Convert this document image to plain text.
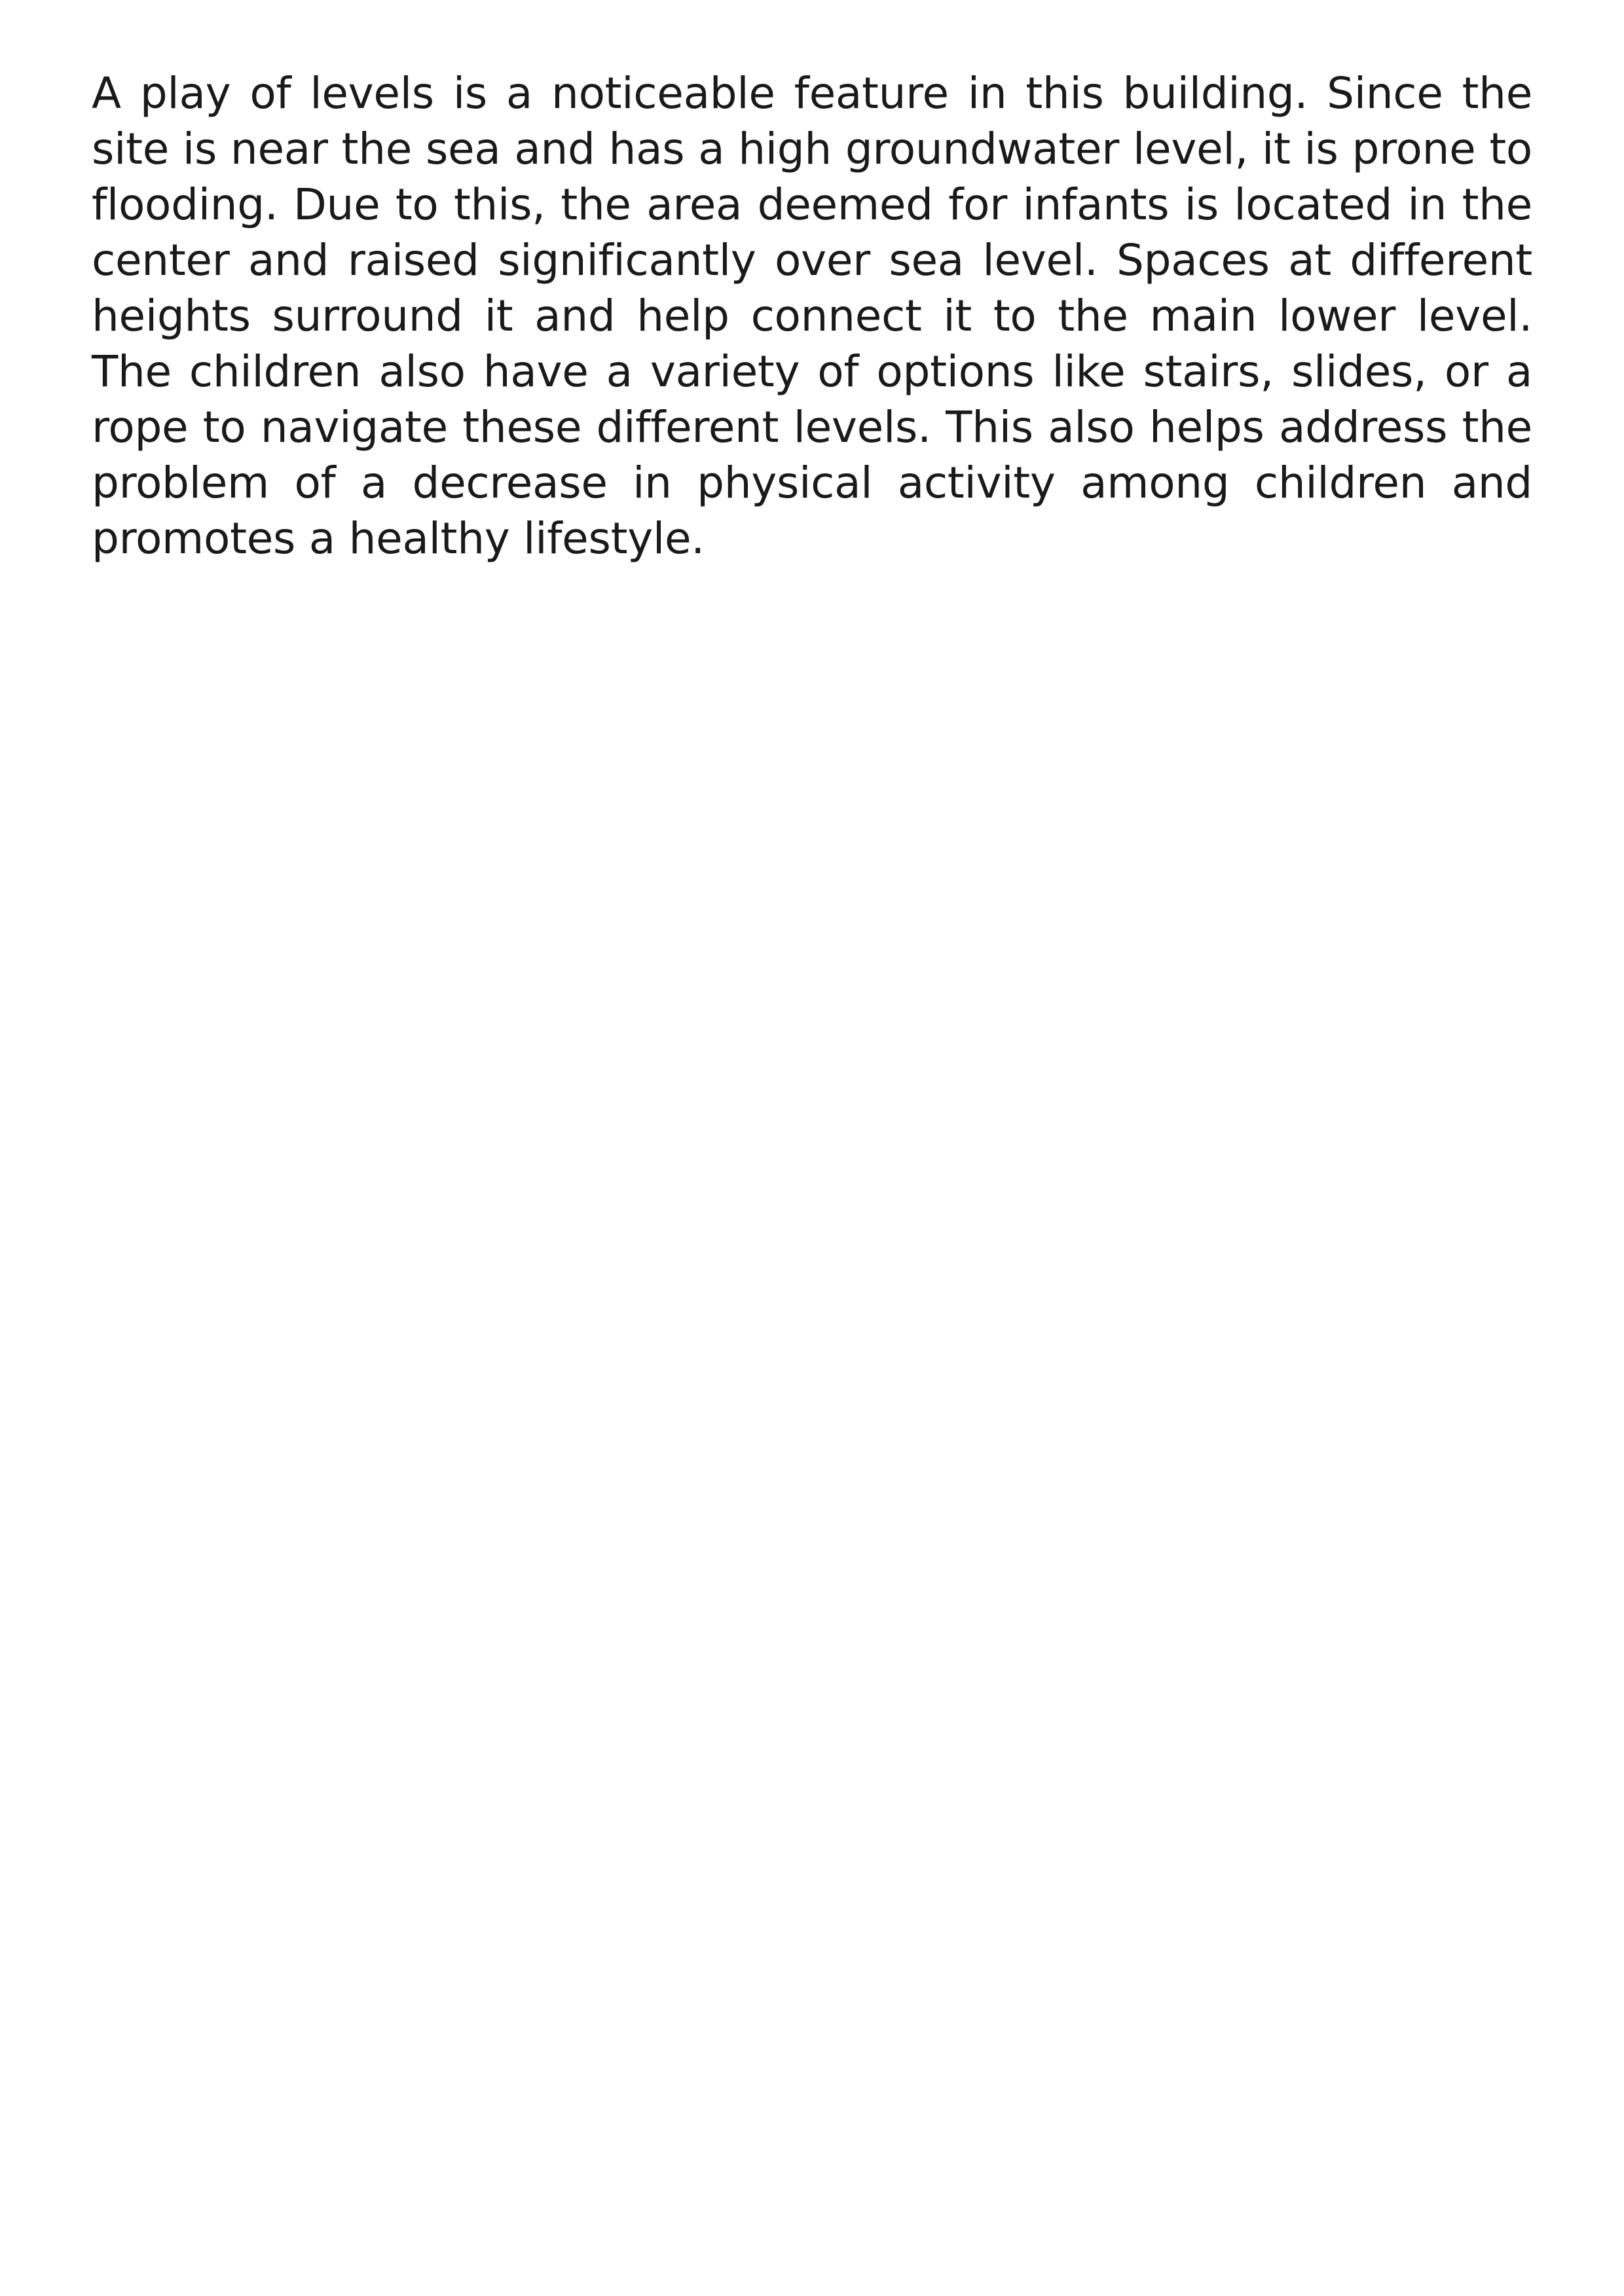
A play of levels is a noticeable feature in this building. Since the site is near the sea and has a high groundwater level, it is prone to flooding. Due to this, the area deemed for infants is located in the center and raised significantly over sea level. Spaces at different heights surround it and help connect it to the main lower level. The children also have a variety of options like stairs, slides, or a rope to navigate these different levels. This also helps address the problem of a decrease in physical activity among children and promotes a healthy lifestyle.
